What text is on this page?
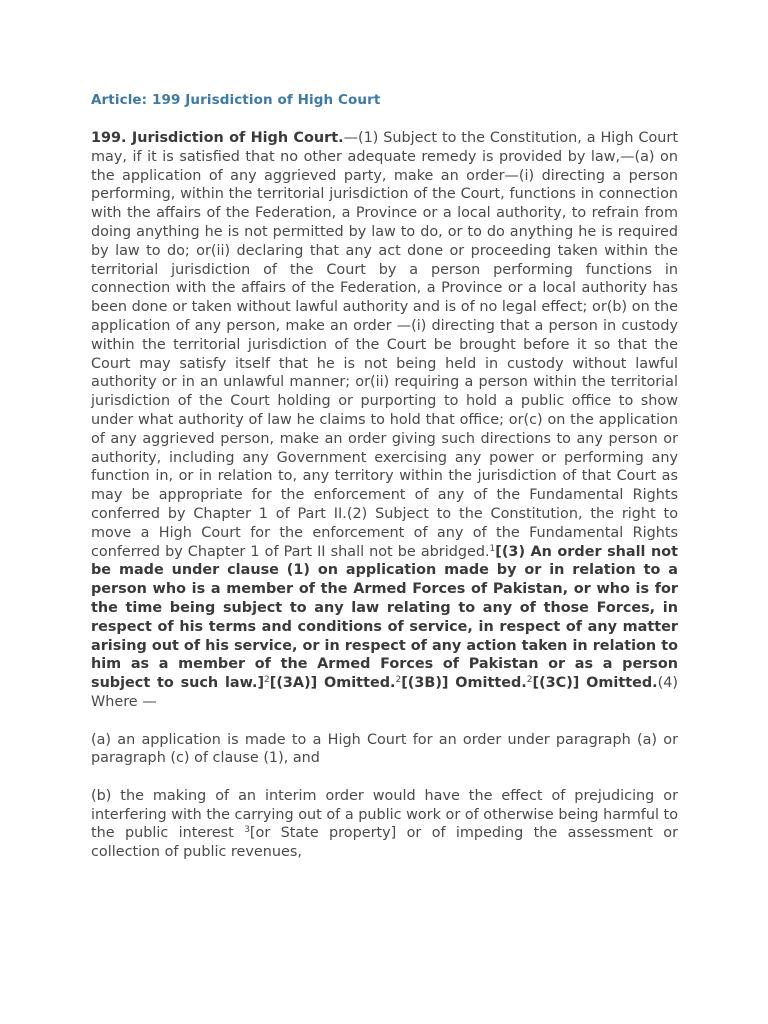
Article: 199 Jurisdiction of High Court

199. Jurisdiction of High Court.—(1) Subject to the Constitution, a High Court may, if it is satisfied that no other adequate remedy is provided by law,—(a) on the application of any aggrieved party, make an order—(i) directing a person performing, within the territorial jurisdiction of the Court, functions in connection with the affairs of the Federation, a Province or a local authority, to refrain from doing anything he is not permitted by law to do, or to do anything he is required by law to do; or(ii) declaring that any act done or proceeding taken within the territorial jurisdiction of the Court by a person performing functions in connection with the affairs of the Federation, a Province or a local authority has been done or taken without lawful authority and is of no legal effect; or(b) on the application of any person, make an order —(i) directing that a person in custody within the territorial jurisdiction of the Court be brought before it so that the Court may satisfy itself that he is not being held in custody without lawful authority or in an unlawful manner; or(ii) requiring a person within the territorial jurisdiction of the Court holding or purporting to hold a public office to show under what authority of law he claims to hold that office; or(c) on the application of any aggrieved person, make an order giving such directions to any person or authority, including any Government exercising any power or performing any function in, or in relation to, any territory within the jurisdiction of that Court as may be appropriate for the enforcement of any of the Fundamental Rights conferred by Chapter 1 of Part II.(2) Subject to the Constitution, the right to move a High Court for the enforcement of any of the Fundamental Rights conferred by Chapter 1 of Part II shall not be abridged.$^1$[(3) An order shall not be made under clause (1) on application made by or in relation to a person who is a member of the Armed Forces of Pakistan, or who is for the time being subject to any law relating to any of those Forces, in respect of his terms and conditions of service, in respect of any matter arising out of his service, or in respect of any action taken in relation to him as a member of the Armed Forces of Pakistan or as a person subject to such law.]$^2$[(3A)] Omitted.$^2$[(3B)] Omitted.$^2$[(3C)] Omitted.(4) Where —

(a) an application is made to a High Court for an order under paragraph (a) or paragraph (c) of clause (1), and

(b) the making of an interim order would have the effect of prejudicing or interfering with the carrying out of a public work or of otherwise being harmful to the public interest $^3$[or State property] or of impeding the assessment or collection of public revenues,
